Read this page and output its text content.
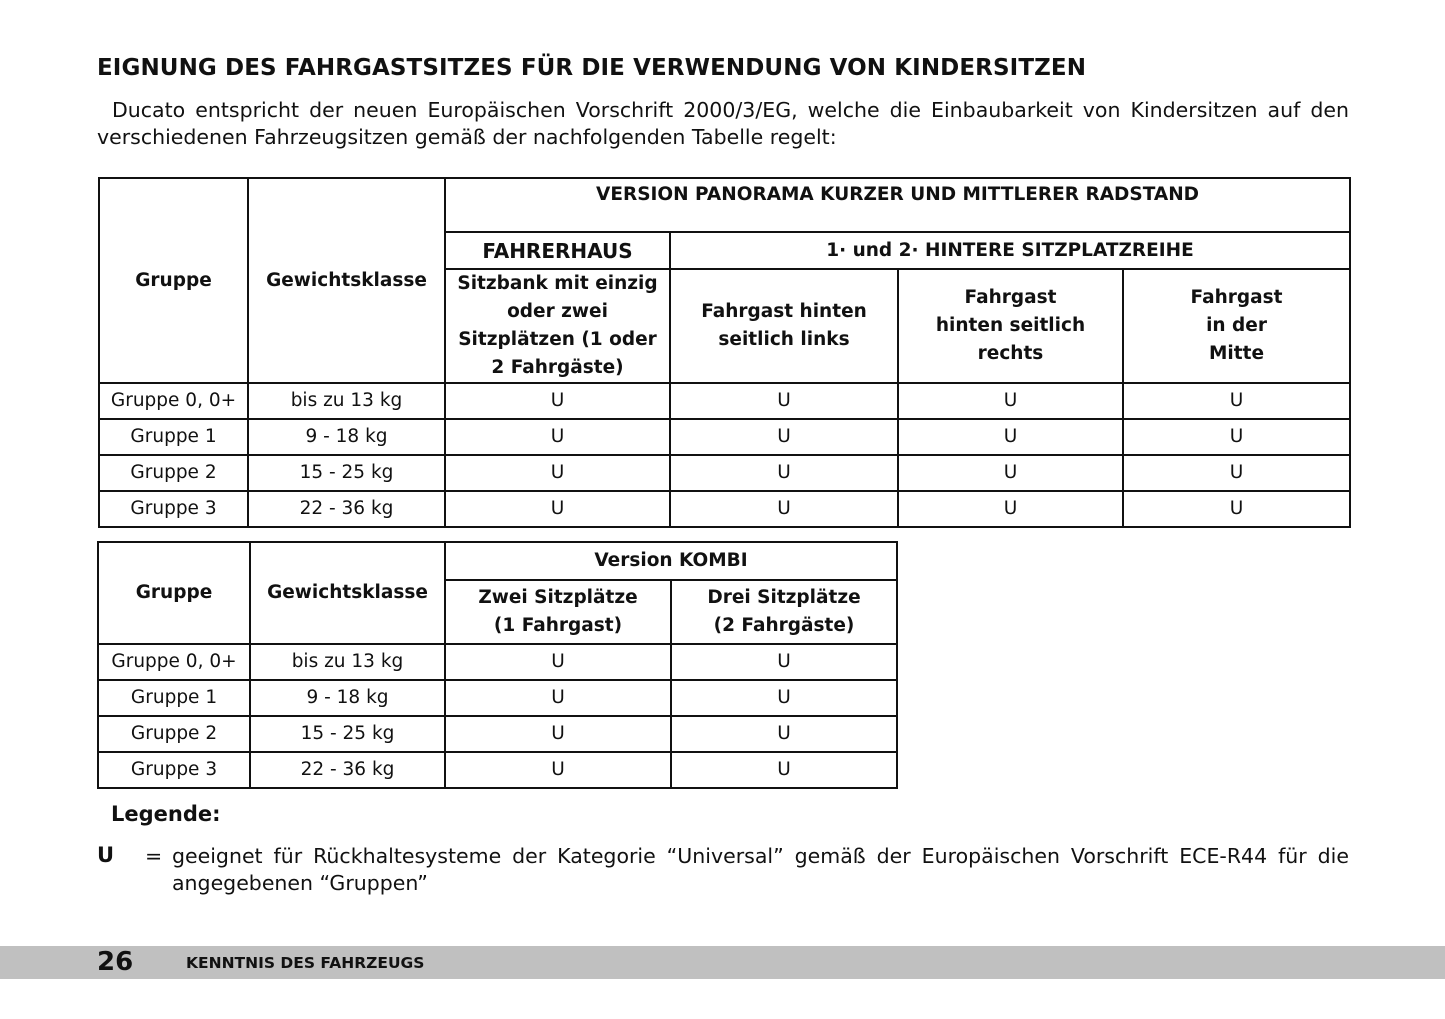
EIGNUNG DES FAHRGASTSITZES FÜR DIE VERWENDUNG VON KINDERSITZEN
Ducato entspricht der neuen Europäischen Vorschrift 2000/3/EG, welche die Einbaubarkeit von Kindersitzen auf den verschiedenen Fahrzeugsitzen gemäß der nachfolgenden Tabelle regelt:
Gruppe	Gewichtsklasse	VERSION PANORAMA KURZER UND MITTLERER RADSTAND			
		FAHRERHAUS	1· und 2· HINTERE SITZPLATZREIHE		
		Sitzbank mit einzig oder zwei Sitzplätzen (1 oder 2 Fahrgäste)	Fahrgast hinten seitlich links	Fahrgast hinten seitlich rechts	Fahrgast in der Mitte
Gruppe 0, 0+	bis zu 13 kg	U	U	U	U
Gruppe 1	9 - 18 kg	U	U	U	U
Gruppe 2	15 - 25 kg	U	U	U	U
Gruppe 3	22 - 36 kg	U	U	U	U
Gruppe	Gewichtsklasse	Version KOMBI	
		Zwei Sitzplätze (1 Fahrgast)	Drei Sitzplätze (2 Fahrgäste)
Gruppe 0, 0+	bis zu 13 kg	U	U
Gruppe 1	9 - 18 kg	U	U
Gruppe 2	15 - 25 kg	U	U
Gruppe 3	22 - 36 kg	U	U
Legende:
U = geeignet für Rückhaltesysteme der Kategorie “Universal” gemäß der Europäischen Vorschrift ECE-R44 für die angegebenen “Gruppen”
26	KENNTNIS DES FAHRZEUGS
